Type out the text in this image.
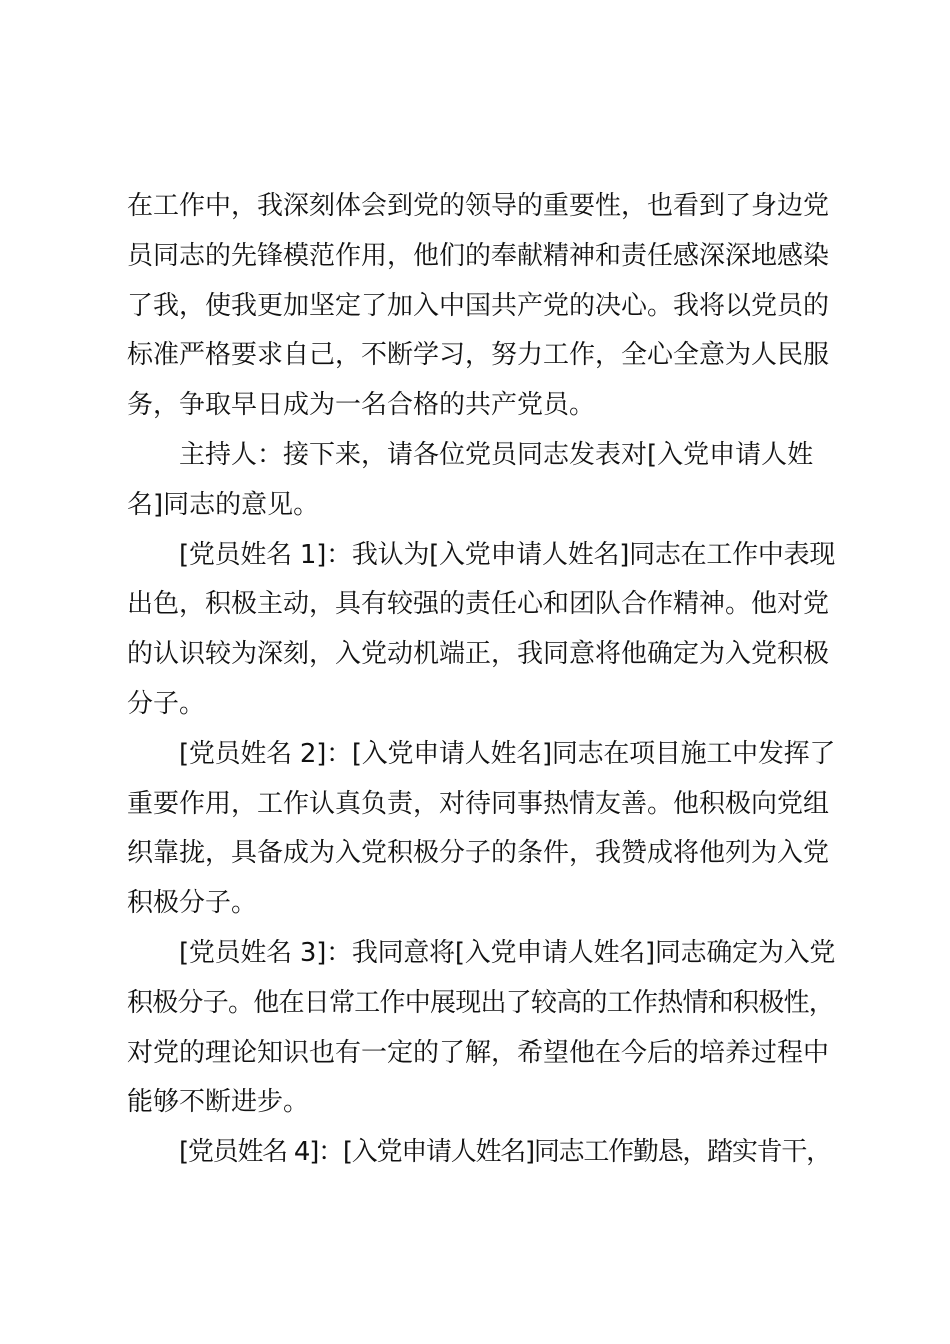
在工作中，我深刻体会到党的领导的重要性，也看到了身边党
员同志的先锋模范作用，他们的奉献精神和责任感深深地感染
了我，使我更加坚定了加入中国共产党的决心。我将以党员的
标准严格要求自己，不断学习，努力工作，全心全意为人民服
务，争取早日成为一名合格的共产党员。
主持人：接下来，请各位党员同志发表对[入党申请人姓
名]同志的意见。
[党员姓名 1]：我认为[入党申请人姓名]同志在工作中表现
出色，积极主动，具有较强的责任心和团队合作精神。他对党
的认识较为深刻，入党动机端正，我同意将他确定为入党积极
分子。
[党员姓名 2]：[入党申请人姓名]同志在项目施工中发挥了
重要作用，工作认真负责，对待同事热情友善。他积极向党组
织靠拢，具备成为入党积极分子的条件，我赞成将他列为入党
积极分子。
[党员姓名 3]：我同意将[入党申请人姓名]同志确定为入党
积极分子。他在日常工作中展现出了较高的工作热情和积极性，
对党的理论知识也有一定的了解，希望他在今后的培养过程中
能够不断进步。
[党员姓名 4]：[入党申请人姓名]同志工作勤恳，踏实肯干，
